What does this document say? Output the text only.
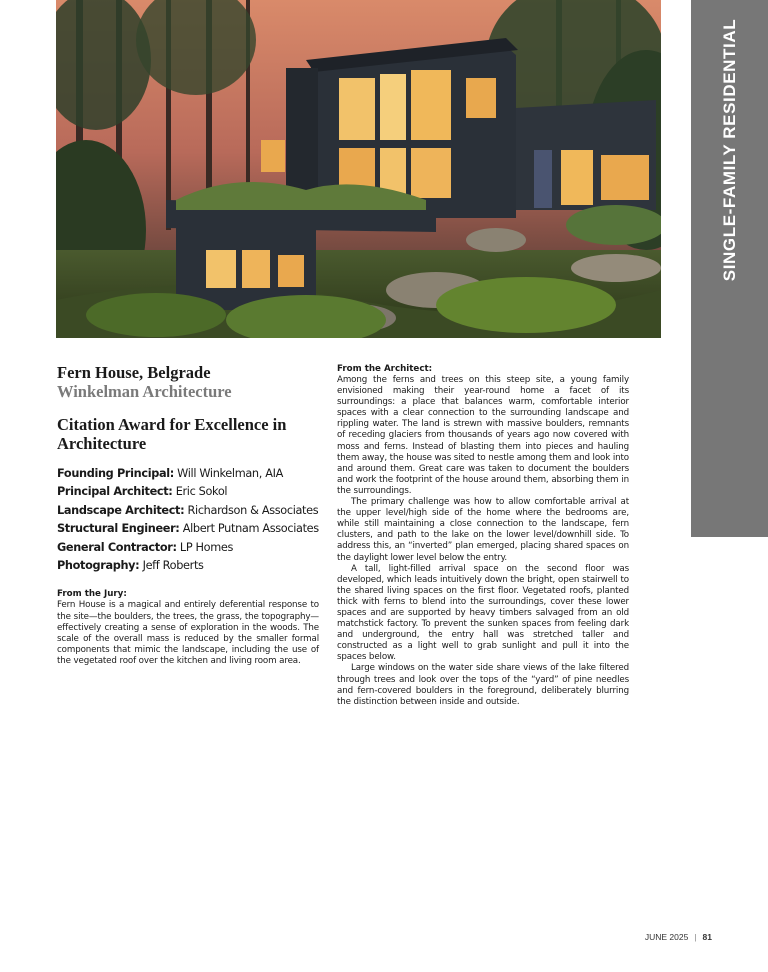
SINGLE-FAMILY RESIDENTIAL
Fern House, Belgrade
Winkelman Architecture
Citation Award for Excellence in Architecture
Founding Principal: Will Winkelman, AIA
Principal Architect: Eric Sokol
Landscape Architect: Richardson & Associates
Structural Engineer: Albert Putnam Associates
General Contractor: LP Homes
Photography: Jeff Roberts
From the Jury:

Fern House is a magical and entirely deferential response to the site—the boulders, the trees, the grass, the topography—effectively creating a sense of exploration in the woods. The scale of the overall mass is reduced by the smaller formal components that mimic the landscape, including the use of the vegetated roof over the kitchen and living room area.

From the Architect:

Among the ferns and trees on this steep site, a young family envisioned making their year-round home a facet of its surroundings: a place that balances warm, comfortable interior spaces with a clear connection to the surrounding landscape and rippling water. The land is strewn with massive boulders, remnants of receding glaciers from thousands of years ago now covered with moss and ferns. Instead of blasting them into pieces and hauling them away, the house was sited to nestle among them and look into and around them. Great care was taken to document the boulders and work the footprint of the house around them, absorbing them in the surroundings.

The primary challenge was how to allow comfortable arrival at the upper level/high side of the home where the bedrooms are, while still maintaining a close connection to the landscape, fern clusters, and path to the lake on the lower level/downhill side. To address this, an “inverted” plan emerged, placing shared spaces on the daylight lower level below the entry.

A tall, light-filled arrival space on the second floor was developed, which leads intuitively down the bright, open stairwell to the shared living spaces on the first floor. Vegetated roofs, planted thick with ferns to blend into the surroundings, cover these lower spaces and are supported by heavy timbers salvaged from an old matchstick factory. To prevent the sunken spaces from feeling dark and underground, the entry hall was stretched taller and constructed as a light well to grab sunlight and pull it into the spaces below.

Large windows on the water side share views of the lake filtered through trees and look over the tops of the “yard” of pine needles and fern-covered boulders in the foreground, deliberately blurring the distinction between inside and outside.

JUNE 2025 | 81
